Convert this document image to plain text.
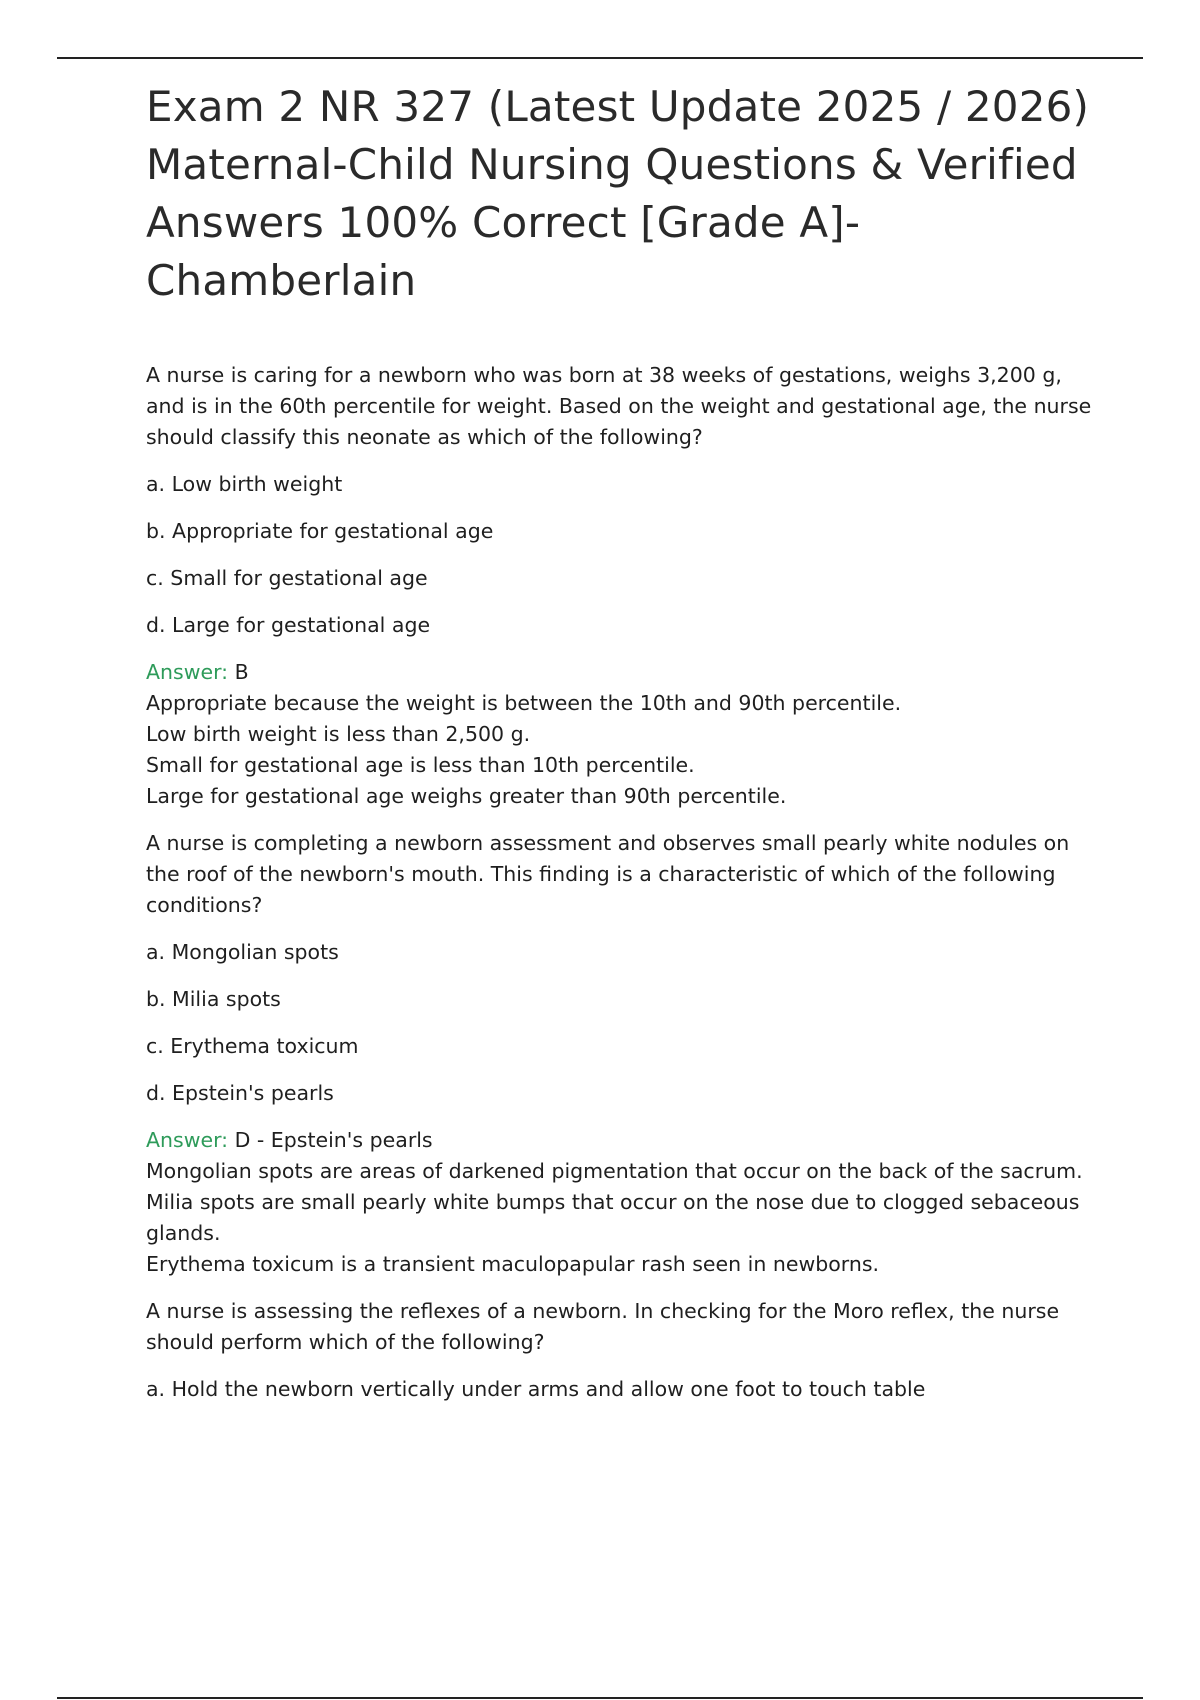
Exam 2 NR 327 (Latest Update 2025 / 2026) Maternal-Child Nursing Questions & Verified Answers 100% Correct [Grade A]- Chamberlain

A nurse is caring for a newborn who was born at 38 weeks of gestations, weighs 3,200 g, and is in the 60th percentile for weight. Based on the weight and gestational age, the nurse should classify this neonate as which of the following?

a. Low birth weight

b. Appropriate for gestational age

c. Small for gestational age

d. Large for gestational age

Answer: B

Appropriate because the weight is between the 10th and 90th percentile.

Low birth weight is less than 2,500 g.

Small for gestational age is less than 10th percentile.

Large for gestational age weighs greater than 90th percentile.

A nurse is completing a newborn assessment and observes small pearly white nodules on the roof of the newborn's mouth. This finding is a characteristic of which of the following conditions?

a. Mongolian spots

b. Milia spots

c. Erythema toxicum

d. Epstein's pearls

Answer: D - Epstein's pearls

Mongolian spots are areas of darkened pigmentation that occur on the back of the sacrum.

Milia spots are small pearly white bumps that occur on the nose due to clogged sebaceous glands.

Erythema toxicum is a transient maculopapular rash seen in newborns.

A nurse is assessing the reflexes of a newborn. In checking for the Moro reflex, the nurse should perform which of the following?

a. Hold the newborn vertically under arms and allow one foot to touch table
